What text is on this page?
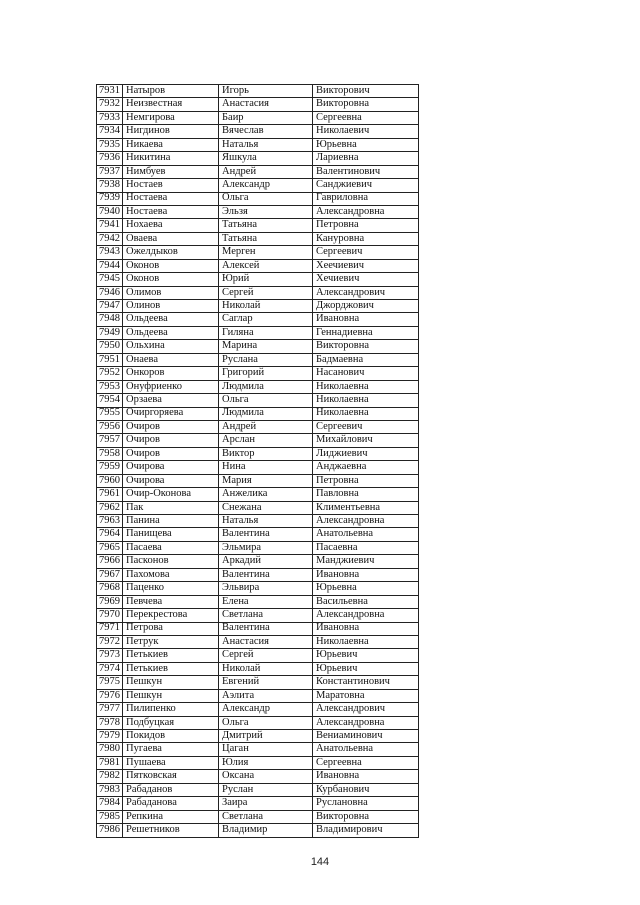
7931	Натыров	Игорь	Викторович
7932	Неизвестная	Анастасия	Викторовна
7933	Немгирова	Баир	Сергеевна
7934	Нигдинов	Вячеслав	Николаевич
7935	Никаева	Наталья	Юрьевна
7936	Никитина	Яшкула	Лариевна
7937	Нимбуев	Андрей	Валентинович
7938	Ностаев	Александр	Санджиевич
7939	Ностаева	Ольга	Гавриловна
7940	Ностаева	Эльзя	Александровна
7941	Нохаева	Татьяна	Петровна
7942	Оваева	Татьяна	Кануровна
7943	Ожелдыков	Мерген	Сергеевич
7944	Оконов	Алексей	Хеечиевич
7945	Оконов	Юрий	Хечиевич
7946	Олимов	Сергей	Александрович
7947	Олинов	Николай	Джорджович
7948	Ольдеева	Саглар	Ивановна
7949	Ольдеева	Гиляна	Геннадиевна
7950	Ольхина	Марина	Викторовна
7951	Онаева	Руслана	Бадмаевна
7952	Онкоров	Григорий	Насанович
7953	Онуфриенко	Людмила	Николаевна
7954	Орзаева	Ольга	Николаевна
7955	Очиргоряева	Людмила	Николаевна
7956	Очиров	Андрей	Сергеевич
7957	Очиров	Арслан	Михайлович
7958	Очиров	Виктор	Лиджиевич
7959	Очирова	Нина	Анджаевна
7960	Очирова	Мария	Петровна
7961	Очир-Оконова	Анжелика	Павловна
7962	Пак	Снежана	Климентьевна
7963	Панина	Наталья	Александровна
7964	Панищева	Валентина	Анатольевна
7965	Пасаева	Эльмира	Пасаевна
7966	Пасконов	Аркадий	Манджиевич
7967	Пахомова	Валентина	Ивановна
7968	Паценко	Эльвира	Юрьевна
7969	Певчева	Елена	Васильевна
7970	Перекрестова	Светлана	Александровна
7971	Петрова	Валентина	Ивановна
7972	Петрук	Анастасия	Николаевна
7973	Петькиев	Сергей	Юрьевич
7974	Петькиев	Николай	Юрьевич
7975	Пешкун	Евгений	Константинович
7976	Пешкун	Аэлита	Маратовна
7977	Пилипенко	Александр	Александрович
7978	Подбуцкая	Ольга	Александровна
7979	Покидов	Дмитрий	Вениаминович
7980	Пугаева	Цаган	Анатольевна
7981	Пушаева	Юлия	Сергеевна
7982	Пятковская	Оксана	Ивановна
7983	Рабаданов	Руслан	Курбанович
7984	Рабаданова	Заира	Руслановна
7985	Репкина	Светлана	Викторовна
7986	Решетников	Владимир	Владимирович
144
